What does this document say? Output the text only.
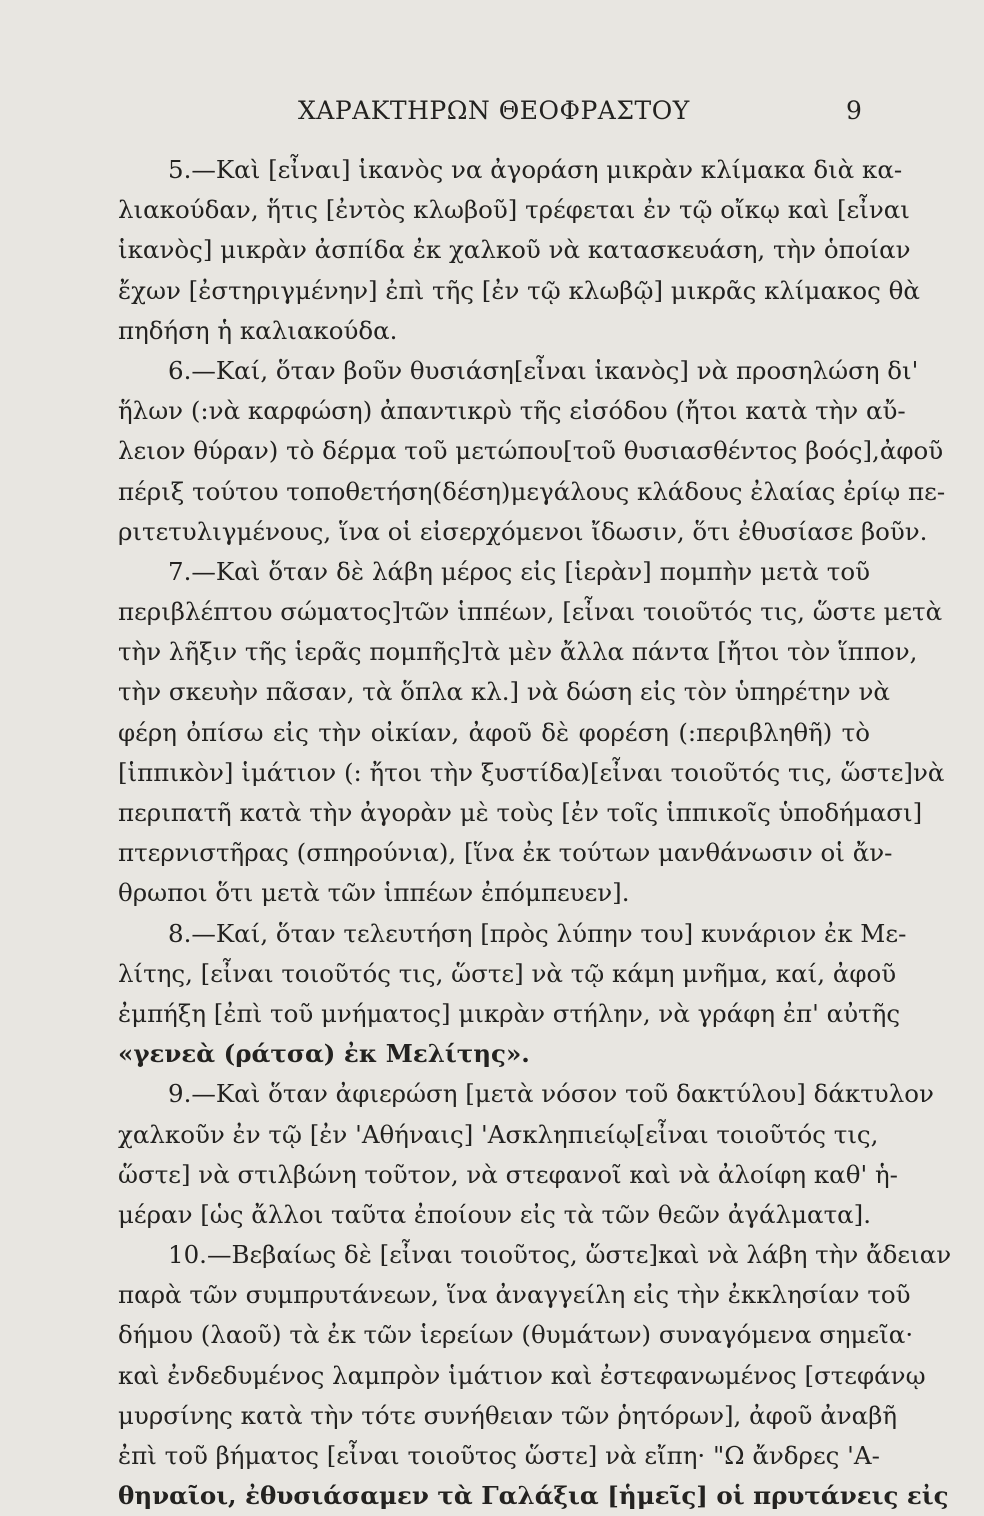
ΧΑΡΑΚΤΗΡΩΝ ΘΕΟΦΡΑΣΤΟΥ	9
5.—Καὶ [εἶναι] ἱκανὸς να ἀγοράση μικρὰν κλίμακα διὰ κα-
λιακούδαν, ἥτις [ἐντὸς κλωβοῦ] τρέφεται ἐν τῷ οἴκῳ καὶ [εἶναι
ἱκανὸς] μικρὰν ἀσπίδα ἐκ χαλκοῦ νὰ κατασκευάση, τὴν ὁποίαν
ἔχων [ἐστηριγμένην] ἐπὶ τῆς [ἐν τῷ κλωβῷ] μικρᾶς κλίμακος θὰ
πηδήση ἡ καλιακούδα.
6.—Καί, ὅταν βοῦν θυσιάση[εἶναι ἱκανὸς] νὰ προσηλώση δι'
ἥλων (:νὰ καρφώση) ἀπαντικρὺ τῆς εἰσόδου (ἤτοι κατὰ τὴν αὔ-
λειον θύραν) τὸ δέρμα τοῦ μετώπου[τοῦ θυσιασθέντος βοός],ἀφοῦ
πέριξ τούτου τοποθετήση(δέση)μεγάλους κλάδους ἐλαίας ἐρίῳ πε-
ριτετυλιγμένους, ἵνα οἱ εἰσερχόμενοι ἴδωσιν, ὅτι ἐθυσίασε βοῦν.
7.—Καὶ ὅταν δὲ λάβη μέρος εἰς [ἱερὰν] πομπὴν μετὰ τοῦ
περιβλέπτου σώματος]τῶν ἱππέων, [εἶναι τοιοῦτός τις, ὥστε μετὰ
τὴν λῆξιν τῆς ἱερᾶς πομπῆς]τὰ μὲν ἄλλα πάντα [ἤτοι τὸν ἵππον,
τὴν σκευὴν πᾶσαν, τὰ ὅπλα κλ.] νὰ δώση εἰς τὸν ὑπηρέτην νὰ
φέρη ὀπίσω εἰς τὴν οἰκίαν, ἀφοῦ δὲ φορέση (:περιβληθῆ) τὸ
[ἱππικὸν] ἱμάτιον (: ἤτοι τὴν ξυστίδα)[εἶναι τοιοῦτός τις, ὥστε]νὰ
περιπατῆ κατὰ τὴν ἀγορὰν μὲ τοὺς [ἐν τοῖς ἱππικοῖς ὑποδήμασι]
πτερνιστῆρας (σπηρούνια), [ἵνα ἐκ τούτων μανθάνωσιν οἱ ἄν-
θρωποι ὅτι μετὰ τῶν ἱππέων ἐπόμπευεν].
8.—Καί, ὅταν τελευτήση [πρὸς λύπην του] κυνάριον ἐκ Με-
λίτης, [εἶναι τοιοῦτός τις, ὥστε] νὰ τῷ κάμη μνῆμα, καί, ἀφοῦ
ἐμπήξη [ἐπὶ τοῦ μνήματος] μικρὰν στήλην, νὰ γράφη ἐπ' αὐτῆς
«γενεὰ (ράτσα) ἐκ Μελίτης».
9.—Καὶ ὅταν ἀφιερώση [μετὰ νόσον τοῦ δακτύλου] δάκτυλον
χαλκοῦν ἐν τῷ [ἐν 'Αθήναις] 'Ασκληπιείῳ[εἶναι τοιοῦτός τις,
ὥστε] νὰ στιλβώνη τοῦτον, νὰ στεφανοῖ καὶ νὰ ἀλοίφη καθ' ἡ-
μέραν [ὡς ἄλλοι ταῦτα ἐποίουν εἰς τὰ τῶν θεῶν ἀγάλματα].
10.—Βεβαίως δὲ [εἶναι τοιοῦτος, ὥστε]καὶ νὰ λάβη τὴν ἄδειαν
παρὰ τῶν συμπρυτάνεων, ἵνα ἀναγγείλη εἰς τὴν ἐκκλησίαν τοῦ
δήμου (λαοῦ) τὰ ἐκ τῶν ἱερείων (θυμάτων) συναγόμενα σημεῖα·
καὶ ἐνδεδυμένος λαμπρὸν ἱμάτιον καὶ ἐστεφανωμένος [στεφάνῳ
μυρσίνης κατὰ τὴν τότε συνήθειαν τῶν ῥητόρων], ἀφοῦ ἀναβῆ
ἐπὶ τοῦ βήματος [εἶναι τοιοῦτος ὥστε] νὰ εἴπη· "Ω ἄνδρες 'Α-
θηναῖοι, ἐθυσιάσαμεν τὰ Γαλάξια [ἡμεῖς] οἱ πρυτάνεις εἰς
